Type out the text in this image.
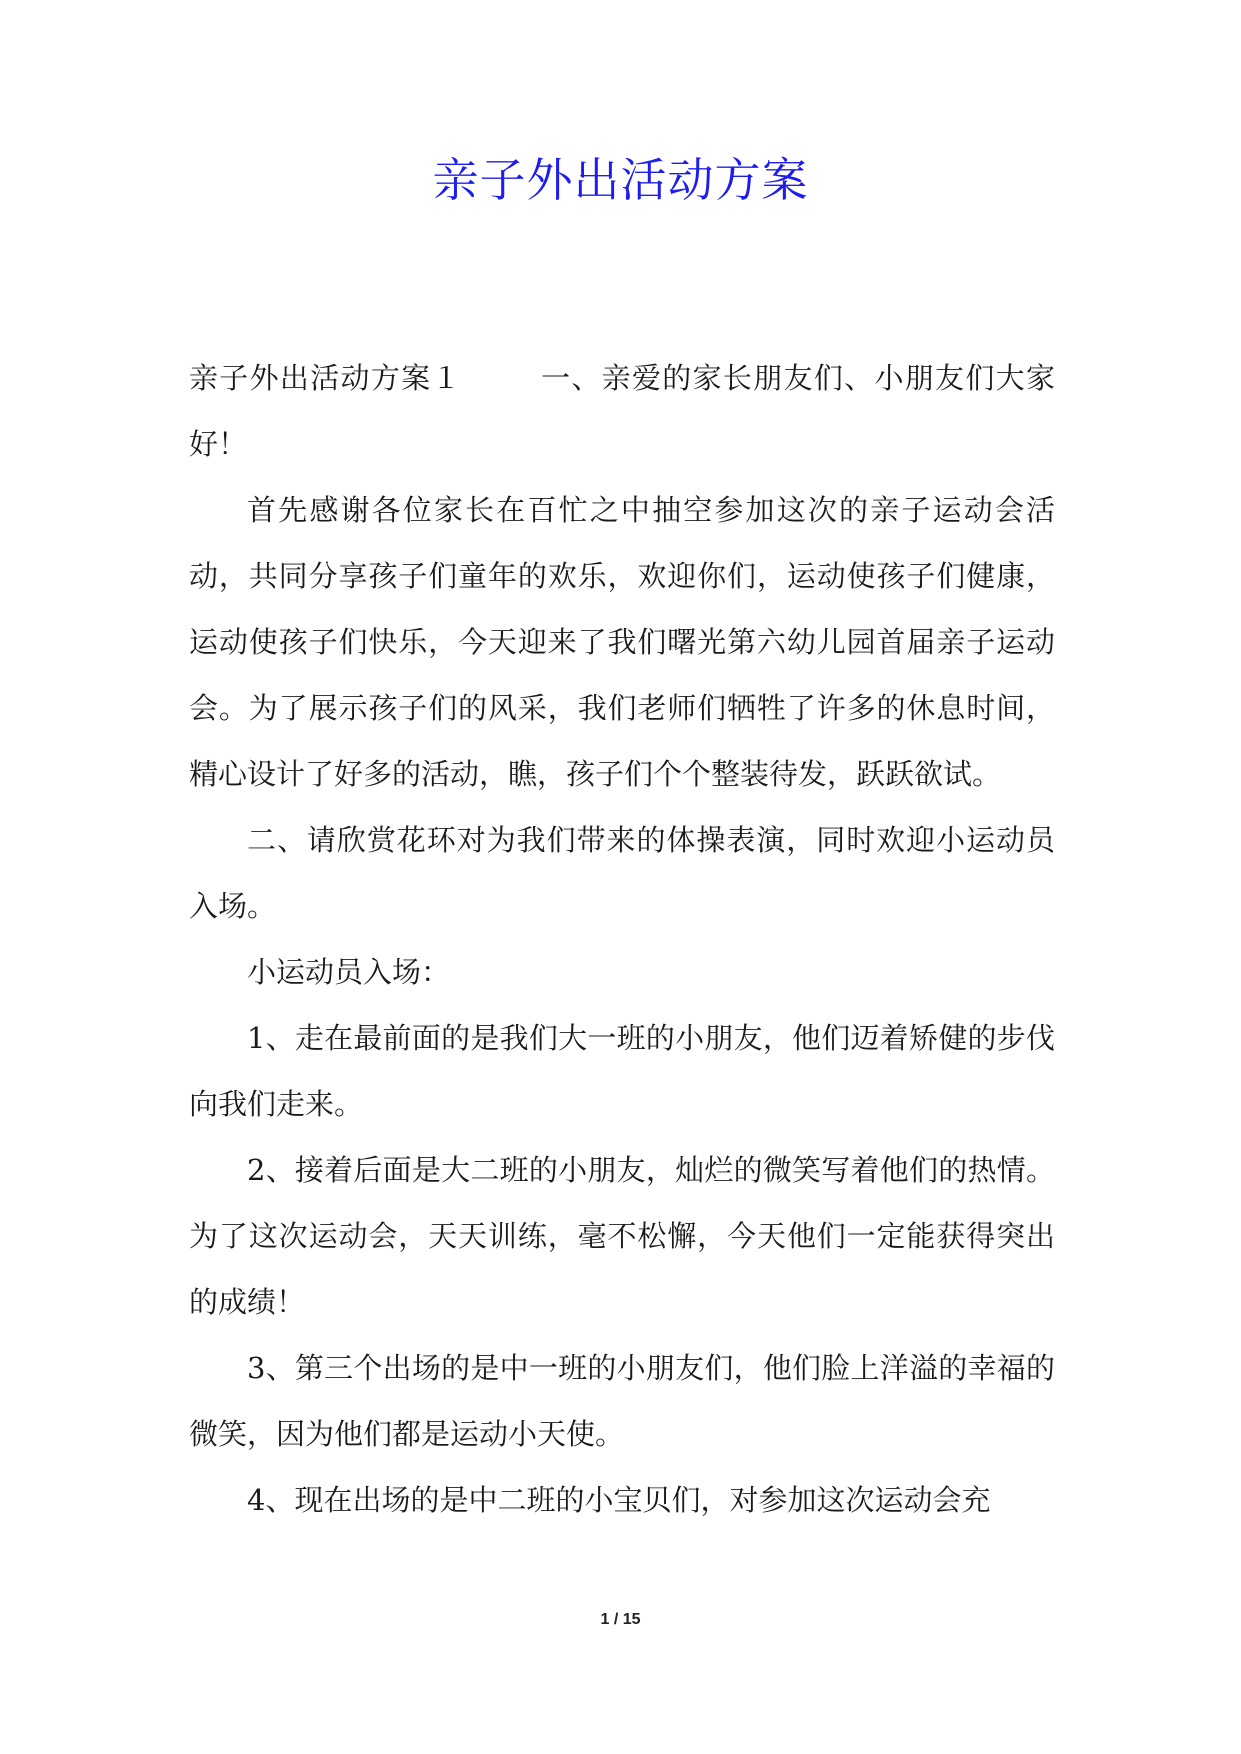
亲子外出活动方案

亲子外出活动方案１	一、亲爱的家长朋友们、小朋友们大家好！

首先感谢各位家长在百忙之中抽空参加这次的亲子运动会活动，共同分享孩子们童年的欢乐，欢迎你们，运动使孩子们健康，运动使孩子们快乐，今天迎来了我们曙光第六幼儿园首届亲子运动会。为了展示孩子们的风采，我们老师们牺牲了许多的休息时间，精心设计了好多的活动，瞧，孩子们个个整装待发，跃跃欲试。

二、请欣赏花环对为我们带来的体操表演，同时欢迎小运动员入场。

小运动员入场：

1、走在最前面的是我们大一班的小朋友，他们迈着矫健的步伐向我们走来。

2、接着后面是大二班的小朋友，灿烂的微笑写着他们的热情。为了这次运动会，天天训练，毫不松懈，今天他们一定能获得突出的成绩！

3、第三个出场的是中一班的小朋友们，他们脸上洋溢的幸福的微笑，因为他们都是运动小天使。

4、现在出场的是中二班的小宝贝们，对参加这次运动会充

1 / 15
